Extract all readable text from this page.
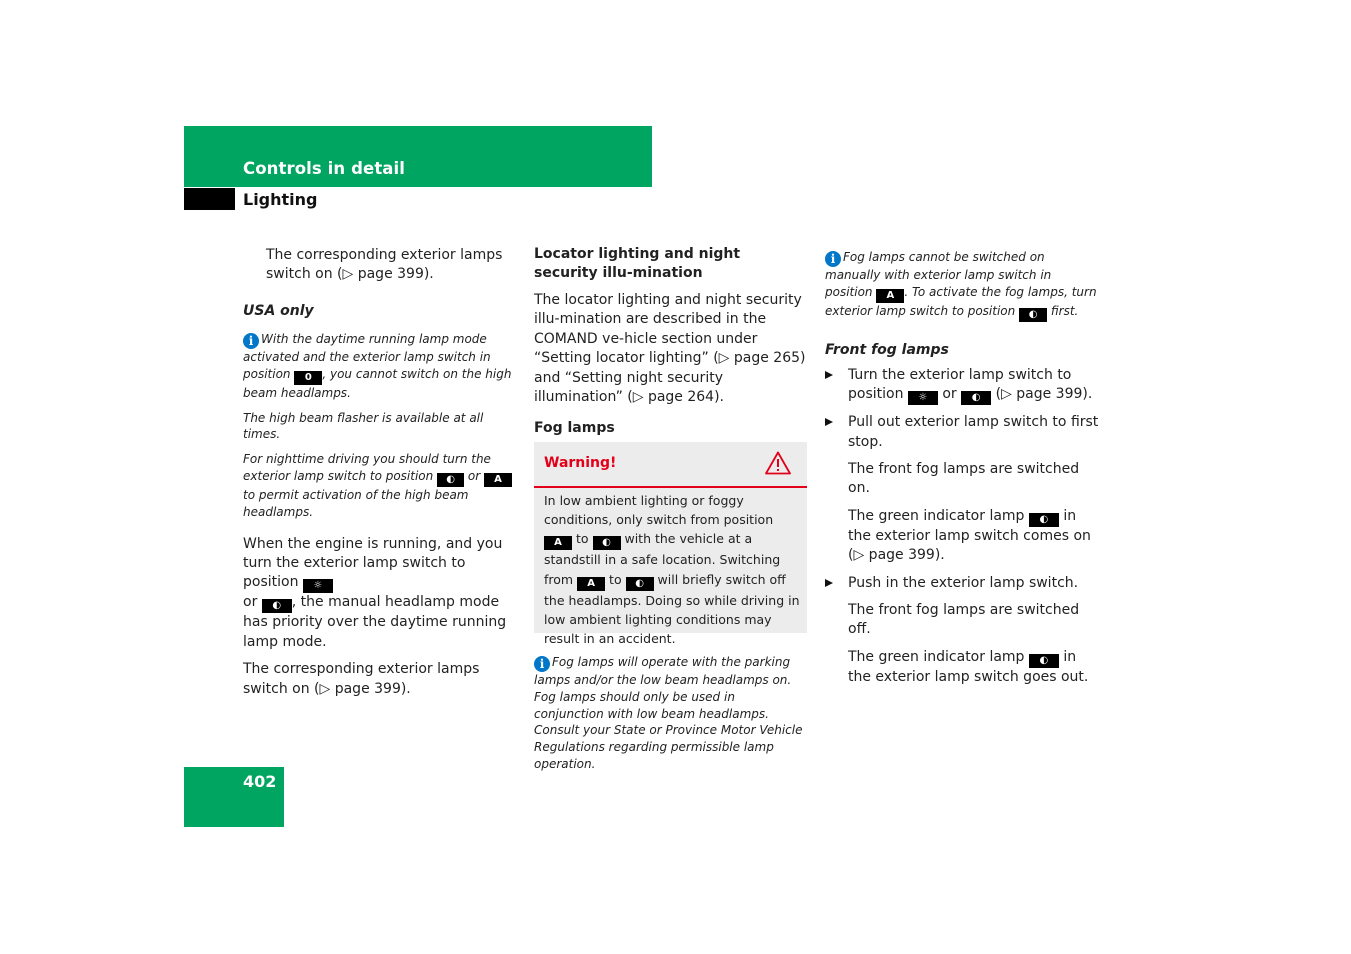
Controls in detail
Lighting
The corresponding exterior lamps
switch on (▷ page 399).

USA only

i With the daytime running lamp mode activated and the exterior lamp switch in position 0 , you cannot switch on the high beam headlamps.

The high beam flasher is available at all times.

For nighttime driving you should turn the exterior lamp switch to position ◐ or A to permit activation of the high beam headlamps.

When the engine is running, and you turn the exterior lamp switch to position ☼
or ◐ , the manual headlamp mode has priority over the daytime running lamp mode.

The corresponding exterior lamps switch on (▷ page 399).

402

Locator lighting and night security illu-mination

The locator lighting and night security illu-mination are described in the COMAND ve-hicle section under “Setting locator lighting” (▷ page 265) and “Setting night security illumination” (▷ page 264).

Fog lamps

Warning!
In low ambient lighting or foggy conditions, only switch from position A to ◐ with the vehicle at a standstill in a safe location. Switching from A to ◐ will briefly switch off the headlamps. Doing so while driving in low ambient lighting conditions may result in an accident.

i Fog lamps will operate with the parking lamps and/or the low beam headlamps on. Fog lamps should only be used in conjunction with low beam headlamps. Consult your State or Province Motor Vehicle Regulations regarding permissible lamp operation.

i Fog lamps cannot be switched on manually with exterior lamp switch in position A . To activate the fog lamps, turn exterior lamp switch to position ◐ first.

Front fog lamps

Turn the exterior lamp switch to position ☼ or ◐ (▷ page 399).
Pull out exterior lamp switch to first stop.
The front fog lamps are switched on.
The green indicator lamp ◐ in the exterior lamp switch comes on (▷ page 399).
Push in the exterior lamp switch.
The front fog lamps are switched off.
The green indicator lamp ◐ in the exterior lamp switch goes out.
